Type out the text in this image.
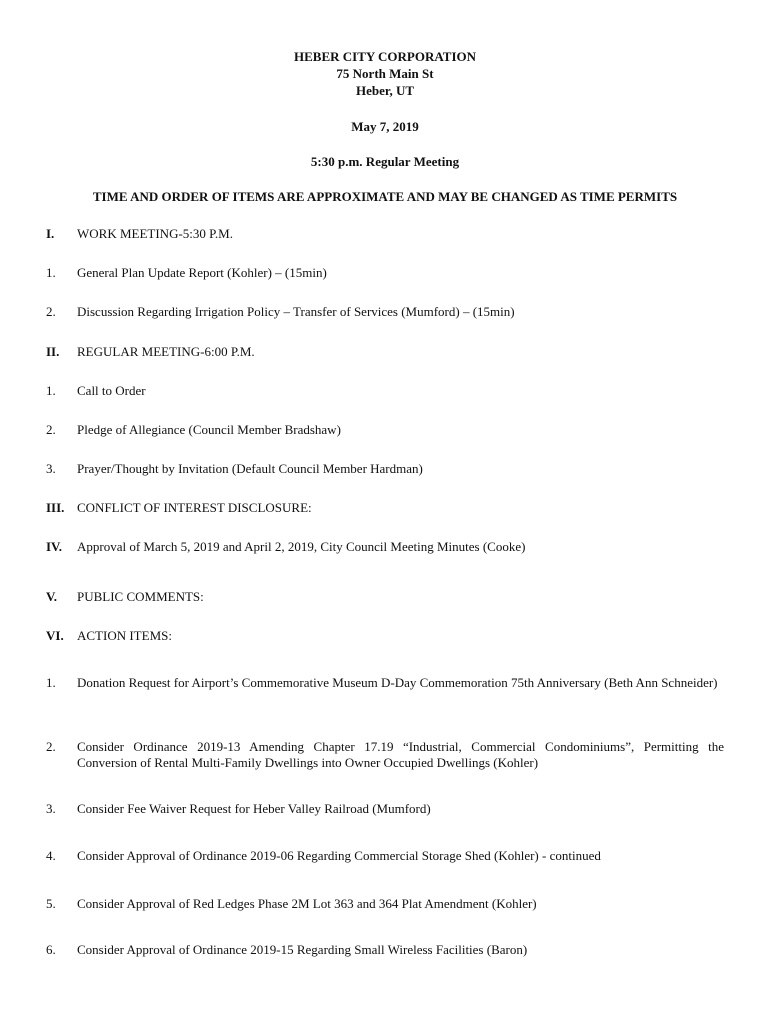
HEBER CITY CORPORATION
75 North Main St
Heber, UT
May 7, 2019
5:30 p.m. Regular Meeting
TIME AND ORDER OF ITEMS ARE APPROXIMATE AND MAY BE CHANGED AS TIME PERMITS
I. WORK MEETING-5:30 P.M.
1. General Plan Update Report (Kohler) – (15min)
2. Discussion Regarding Irrigation Policy – Transfer of Services (Mumford) – (15min)
II. REGULAR MEETING-6:00 P.M.
1. Call to Order
2. Pledge of Allegiance (Council Member Bradshaw)
3. Prayer/Thought by Invitation (Default Council Member Hardman)
III. CONFLICT OF INTEREST DISCLOSURE:
IV. Approval of March 5, 2019 and April 2, 2019, City Council Meeting Minutes (Cooke)
V. PUBLIC COMMENTS:
VI. ACTION ITEMS:
1. Donation Request for Airport’s Commemorative Museum D-Day Commemoration 75th Anniversary (Beth Ann Schneider)
2. Consider Ordinance 2019-13 Amending Chapter 17.19 “Industrial, Commercial Condominiums”, Permitting the Conversion of Rental Multi-Family Dwellings into Owner Occupied Dwellings (Kohler)
3. Consider Fee Waiver Request for Heber Valley Railroad (Mumford)
4. Consider Approval of Ordinance 2019-06 Regarding Commercial Storage Shed (Kohler) - continued
5. Consider Approval of Red Ledges Phase 2M Lot 363 and 364 Plat Amendment (Kohler)
6. Consider Approval of Ordinance 2019-15 Regarding Small Wireless Facilities (Baron)
